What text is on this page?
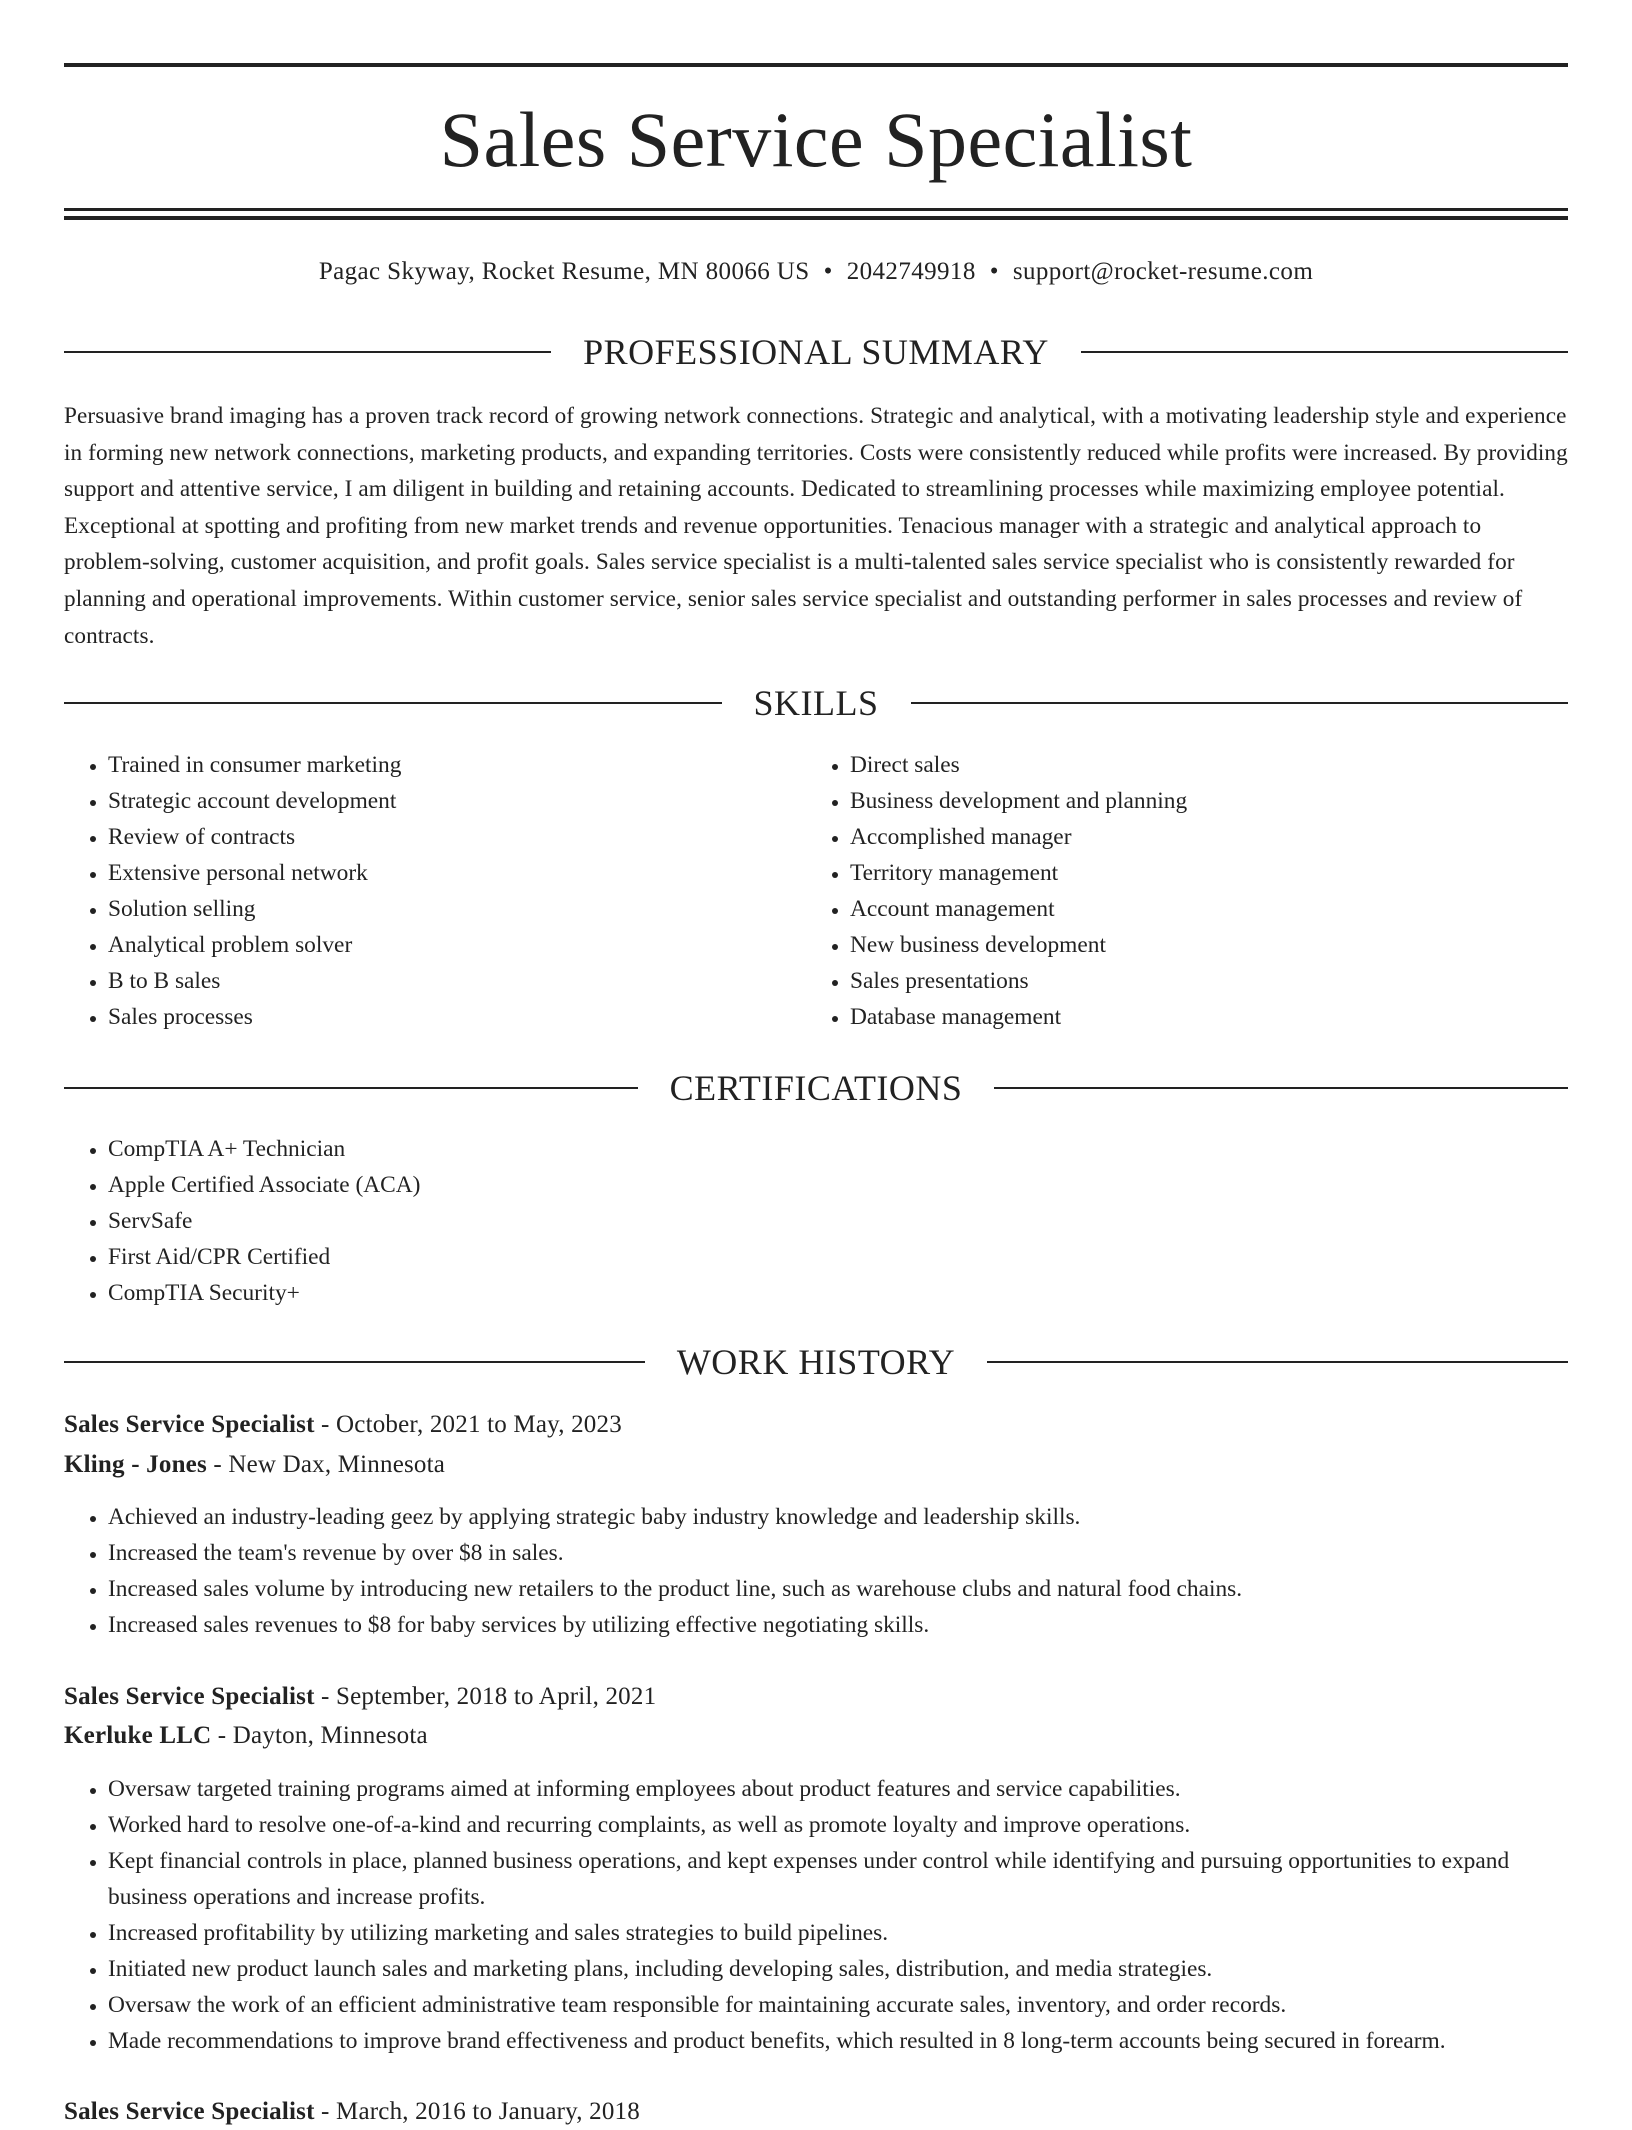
Sales Service Specialist
Pagac Skyway, Rocket Resume, MN 80066 US • 2042749918 • support@rocket-resume.com
PROFESSIONAL SUMMARY

Persuasive brand imaging has a proven track record of growing network connections. Strategic and analytical, with a motivating leadership style and experience in forming new network connections, marketing products, and expanding territories. Costs were consistently reduced while profits were increased. By providing support and attentive service, I am diligent in building and retaining accounts. Dedicated to streamlining processes while maximizing employee potential. Exceptional at spotting and profiting from new market trends and revenue opportunities. Tenacious manager with a strategic and analytical approach to problem-solving, customer acquisition, and profit goals. Sales service specialist is a multi-talented sales service specialist who is consistently rewarded for planning and operational improvements. Within customer service, senior sales service specialist and outstanding performer in sales processes and review of contracts.

SKILLS
• Trained in consumer marketing
• Strategic account development
• Review of contracts
• Extensive personal network
• Solution selling
• Analytical problem solver
• B to B sales
• Sales processes
• Direct sales
• Business development and planning
• Accomplished manager
• Territory management
• Account management
• New business development
• Sales presentations
• Database management
CERTIFICATIONS
• CompTIA A+ Technician
• Apple Certified Associate (ACA)
• ServSafe
• First Aid/CPR Certified
• CompTIA Security+
WORK HISTORY
Sales Service Specialist - October, 2021 to May, 2023
Kling - Jones - New Dax, Minnesota
• Achieved an industry-leading geez by applying strategic baby industry knowledge and leadership skills.
• Increased the team's revenue by over $8 in sales.
• Increased sales volume by introducing new retailers to the product line, such as warehouse clubs and natural food chains.
• Increased sales revenues to $8 for baby services by utilizing effective negotiating skills.
Sales Service Specialist - September, 2018 to April, 2021
Kerluke LLC - Dayton, Minnesota
• Oversaw targeted training programs aimed at informing employees about product features and service capabilities.
• Worked hard to resolve one-of-a-kind and recurring complaints, as well as promote loyalty and improve operations.
• Kept financial controls in place, planned business operations, and kept expenses under control while identifying and pursuing opportunities to expand business operations and increase profits.
• Increased profitability by utilizing marketing and sales strategies to build pipelines.
• Initiated new product launch sales and marketing plans, including developing sales, distribution, and media strategies.
• Oversaw the work of an efficient administrative team responsible for maintaining accurate sales, inventory, and order records.
• Made recommendations to improve brand effectiveness and product benefits, which resulted in 8 long-term accounts being secured in forearm.
Sales Service Specialist - March, 2016 to January, 2018
